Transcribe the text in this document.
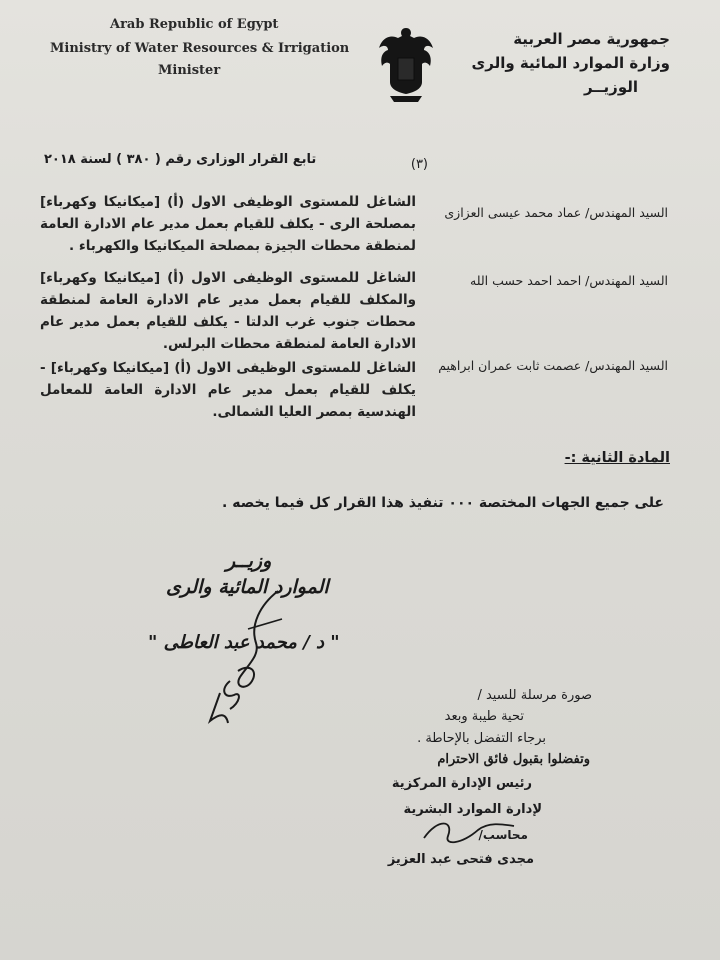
Arab Republic of Egypt
Ministry of Water Resources & Irrigation
Minister
جمهورية مصر العربية
وزارة الموارد المائية والرى
الوزيــر
(٣)
تابع القرار الوزارى رقم ( ٣٨٠ ) لسنة ٢٠١٨
السيد المهندس/ عماد محمد عيسى العزازى
الشاغل للمستوى الوظيفى الاول (أ) [ميكانيكا وكهرباء] بمصلحة الرى - يكلف للقيام بعمل مدير عام الادارة العامة لمنطقة محطات الجيزة بمصلحة الميكانيكا والكهرباء .
السيد المهندس/ احمد احمد حسب الله
الشاغل للمستوى الوظيفى الاول (أ) [ميكانيكا وكهرباء] والمكلف للقيام بعمل مدير عام الادارة العامة لمنطقة محطات جنوب غرب الدلتا - يكلف للقيام بعمل مدير عام الادارة العامة لمنطقة محطات البرلس.
السيد المهندس/ عصمت ثابت عمران ابراهيم
الشاغل للمستوى الوظيفى الاول (أ) [ميكانيكا وكهرباء] - يكلف للقيام بعمل مدير عام الادارة العامة للمعامل الهندسية بمصر العليا الشمالى.
المادة الثانية :-
على جميع الجهات المختصة ٠٠٠ تنفيذ هذا القرار كل فيما يخصه .
وزيــر
الموارد المائية والرى
" د / محمد عبد العاطى "
صورة مرسلة للسيد /
تحية طيبة وبعد
برجاء التفضل بالإحاطة .
وتفضلوا بقبول فائق الاحترام
رئيس الإدارة المركزية
لإدارة الموارد البشرية
محاسب/
مجدى فتحى عبد العزيز
